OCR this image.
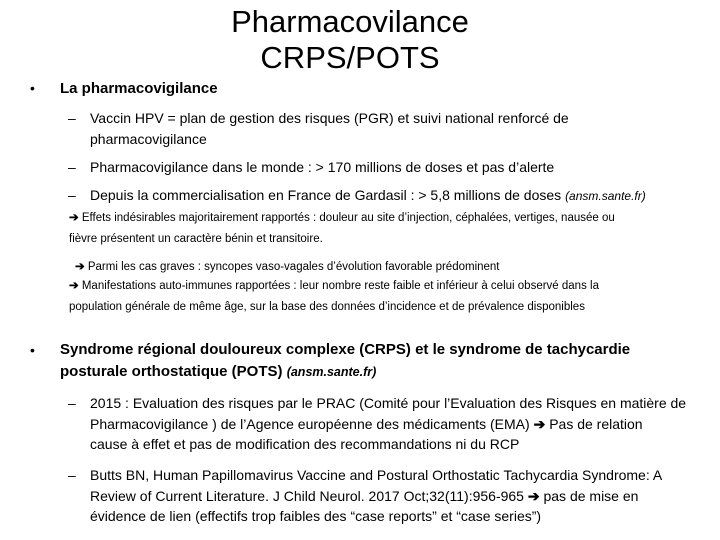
Pharmacovilance
CRPS/POTS
• La pharmacovigilance
– Vaccin HPV = plan de gestion des risques (PGR) et suivi national renforcé de
pharmacovigilance
– Pharmacovigilance dans le monde : > 170 millions de doses et pas d’alerte
– Depuis la commercialisation en France de Gardasil : > 5,8 millions de doses (ansm.sante.fr)
➔ Effets indésirables majoritairement rapportés : douleur au site d’injection, céphalées, vertiges, nausée ou
fièvre présentent un caractère bénin et transitoire.
➔ Parmi les cas graves : syncopes vaso-vagales d’évolution favorable prédominent
➔ Manifestations auto-immunes rapportées : leur nombre reste faible et inférieur à celui observé dans la
population générale de même âge, sur la base des données d’incidence et de prévalence disponibles
• Syndrome régional douloureux complexe (CRPS) et le syndrome de tachycardie
posturale orthostatique (POTS) (ansm.sante.fr)
– 2015 : Evaluation des risques par le PRAC (Comité pour l’Evaluation des Risques en matière de
Pharmacovigilance ) de l’Agence européenne des médicaments (EMA) ➔ Pas de relation
cause à effet et pas de modification des recommandations ni du RCP
– Butts BN, Human Papillomavirus Vaccine and Postural Orthostatic Tachycardia Syndrome: A
Review of Current Literature. J Child Neurol. 2017 Oct;32(11):956-965 ➔ pas de mise en
évidence de lien (effectifs trop faibles des “case reports” et “case series”)
